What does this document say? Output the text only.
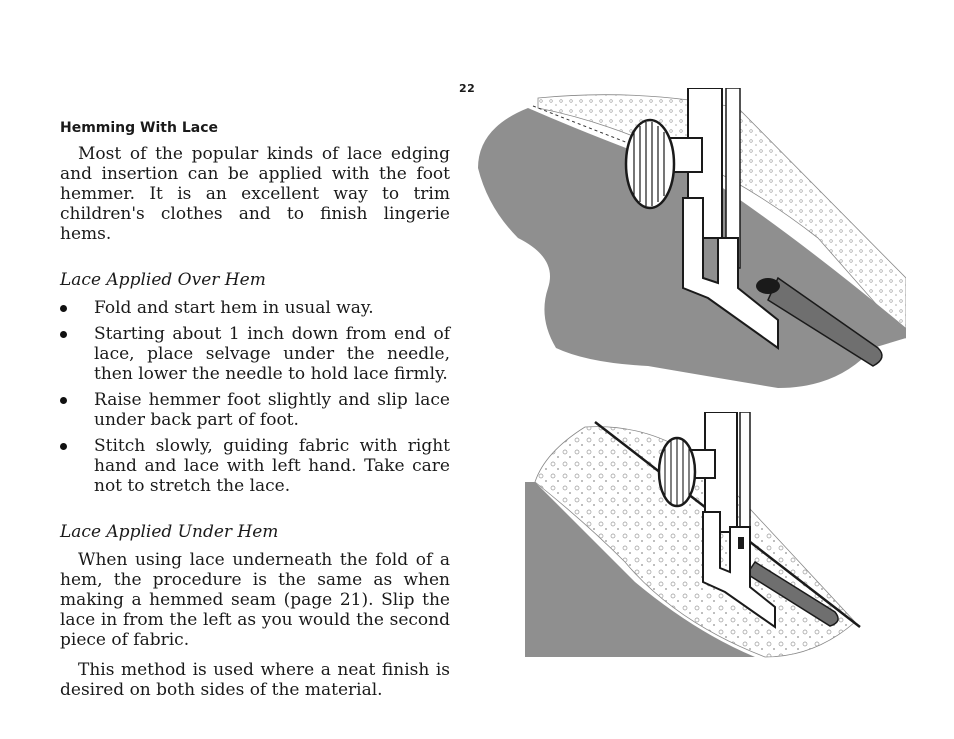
22
Hemming With Lace

Most of the popular kinds of lace edging and insertion can be applied with the foot hemmer. It is an excellent way to trim children's clothes and to finish lingerie hems.

Lace Applied Over Hem
Fold and start hem in usual way.
Starting about 1 inch down from end of lace, place selvage under the needle, then lower the needle to hold lace firmly.
Raise hemmer foot slightly and slip lace under back part of foot.
Stitch slowly, guiding fabric with right hand and lace with left hand. Take care not to stretch the lace.
Lace Applied Under Hem

When using lace underneath the fold of a hem, the procedure is the same as when making a hemmed seam (page 21). Slip the lace in from the left as you would the second piece of fabric.

This method is used where a neat finish is desired on both sides of the material.
